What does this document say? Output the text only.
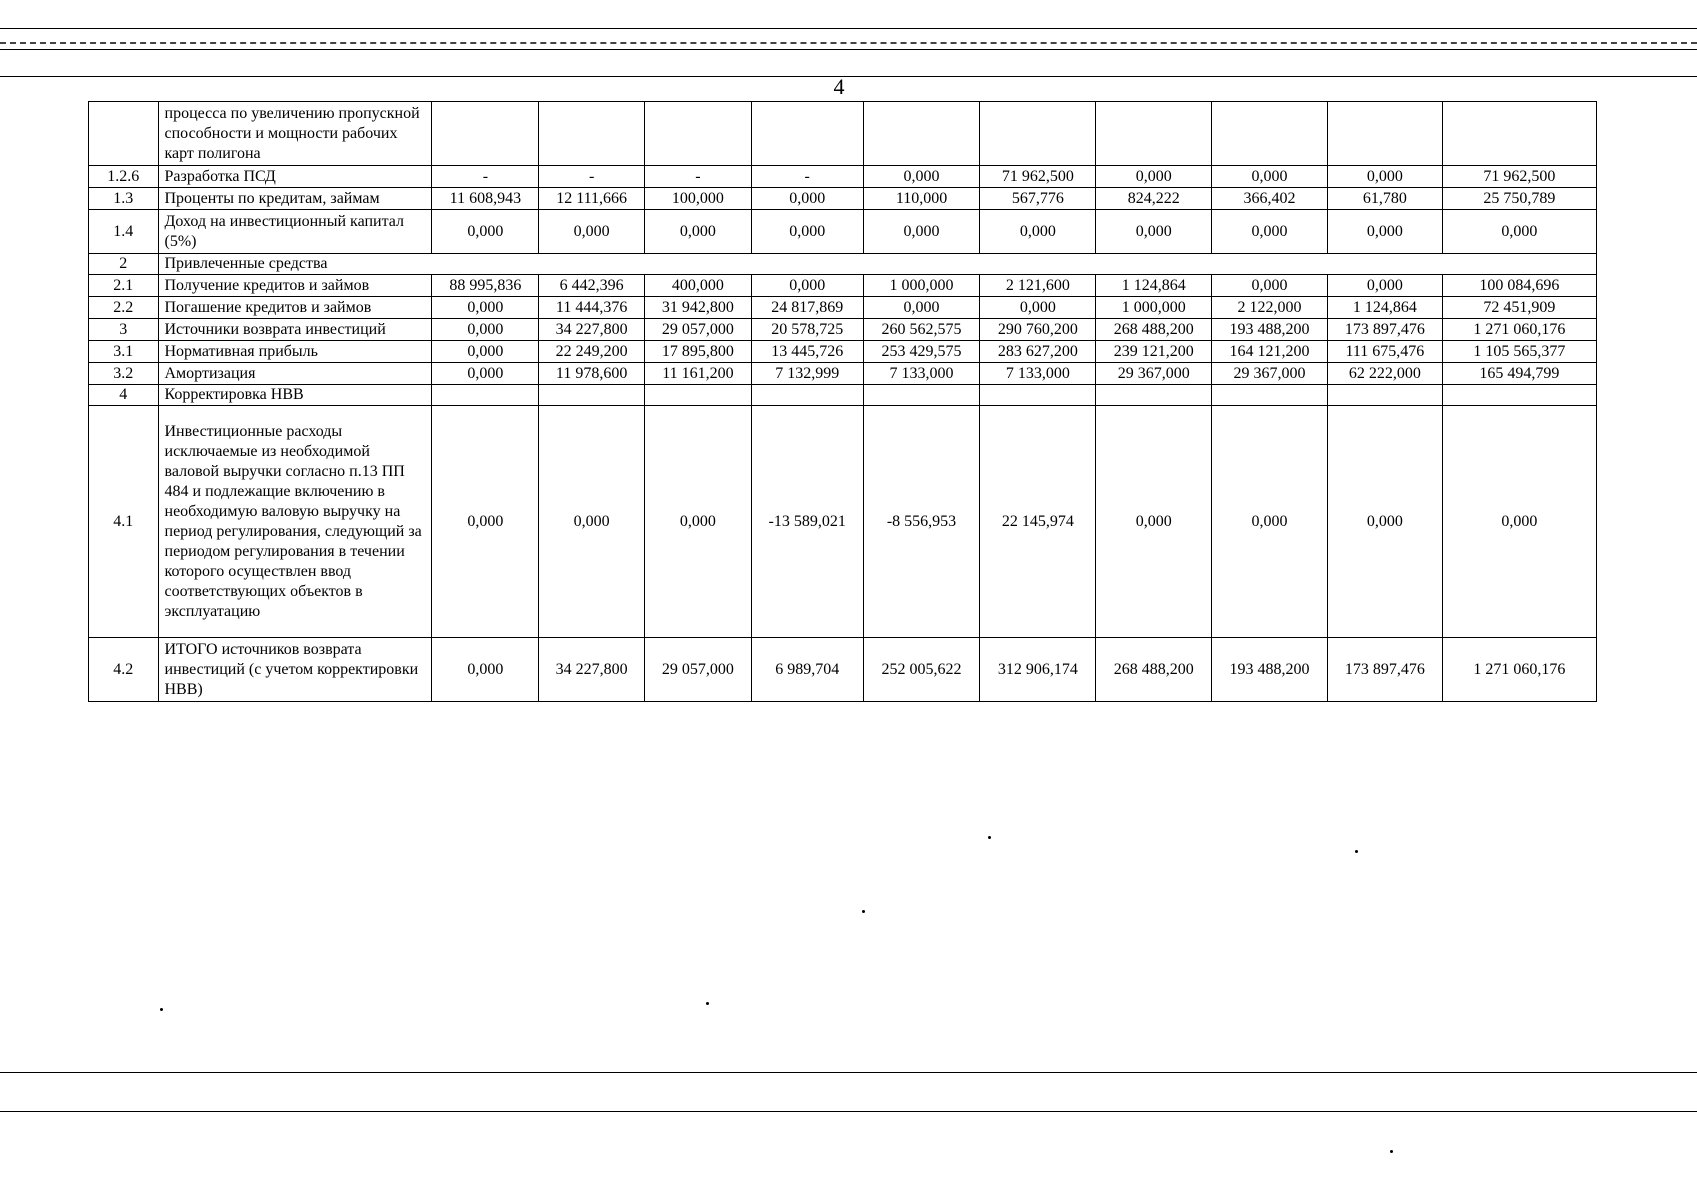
4
	процесса по увеличению пропускной способности и мощности рабочих карт полигона										
1.2.6	Разработка ПСД	-	-	-	-	0,000	71 962,500	0,000	0,000	0,000	71 962,500
1.3	Проценты по кредитам, займам	11 608,943	12 111,666	100,000	0,000	110,000	567,776	824,222	366,402	61,780	25 750,789
1.4	Доход на инвестиционный капитал (5%)	0,000	0,000	0,000	0,000	0,000	0,000	0,000	0,000	0,000	0,000
2	Привлеченные средства										
2.1	Получение кредитов и займов	88 995,836	6 442,396	400,000	0,000	1 000,000	2 121,600	1 124,864	0,000	0,000	100 084,696
2.2	Погашение кредитов и займов	0,000	11 444,376	31 942,800	24 817,869	0,000	0,000	1 000,000	2 122,000	1 124,864	72 451,909
3	Источники возврата инвестиций	0,000	34 227,800	29 057,000	20 578,725	260 562,575	290 760,200	268 488,200	193 488,200	173 897,476	1 271 060,176
3.1	Нормативная прибыль	0,000	22 249,200	17 895,800	13 445,726	253 429,575	283 627,200	239 121,200	164 121,200	111 675,476	1 105 565,377
3.2	Амортизация	0,000	11 978,600	11 161,200	7 132,999	7 133,000	7 133,000	29 367,000	29 367,000	62 222,000	165 494,799
4	Корректировка НВВ										
4.1	Инвестиционные расходы исключаемые из необходимой валовой выручки согласно п.13 ПП 484 и подлежащие включению в необходимую валовую выручку на период регулирования, следующий за периодом регулирования в течении которого осуществлен ввод соответствующих объектов в эксплуатацию	0,000	0,000	0,000	-13 589,021	-8 556,953	22 145,974	0,000	0,000	0,000	0,000
4.2	ИТОГО источников возврата инвестиций (с учетом корректировки НВВ)	0,000	34 227,800	29 057,000	6 989,704	252 005,622	312 906,174	268 488,200	193 488,200	173 897,476	1 271 060,176
